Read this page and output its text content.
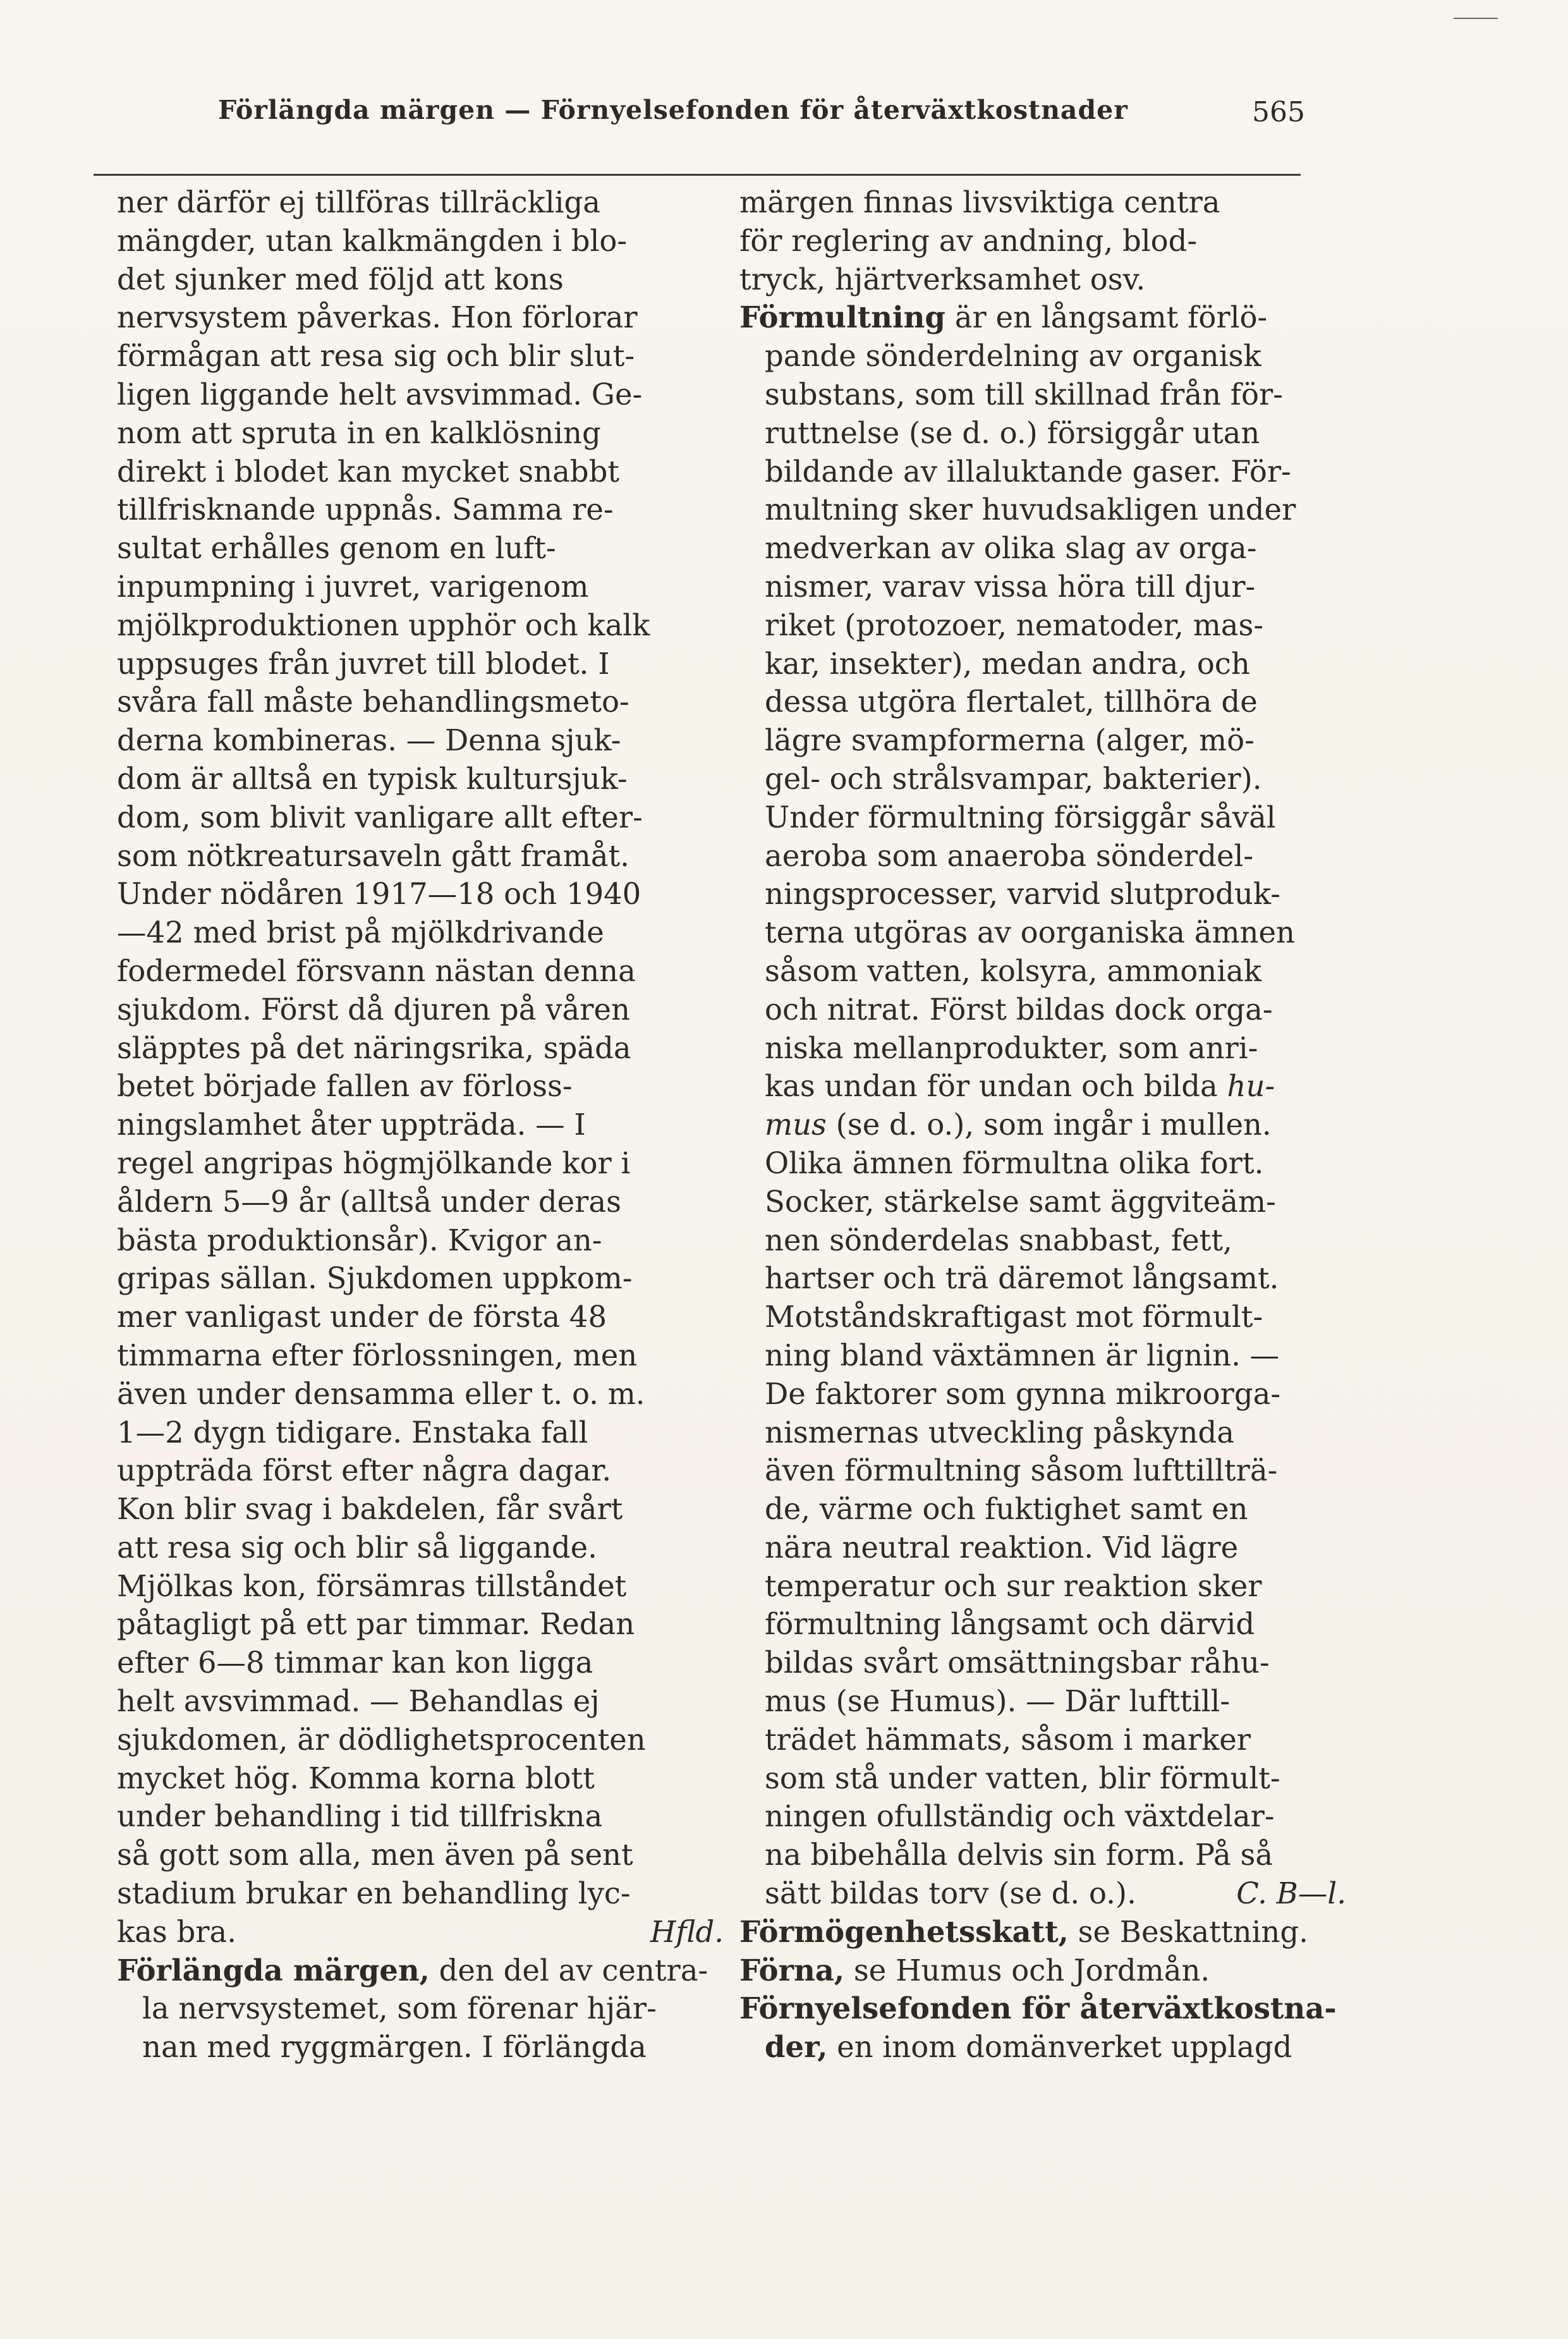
Förlängda märgen — Förnyelsefonden för återväxtkostnader	565
ner därför ej tillföras tillräckliga
mängder, utan kalkmängden i blo-
det sjunker med följd att kons
nervsystem påverkas. Hon förlorar
förmågan att resa sig och blir slut-
ligen liggande helt avsvimmad. Ge-
nom att spruta in en kalklösning
direkt i blodet kan mycket snabbt
tillfrisknande uppnås. Samma re-
sultat erhålles genom en luft-
inpumpning i juvret, varigenom
mjölkproduktionen upphör och kalk
uppsuges från juvret till blodet. I
svåra fall måste behandlingsmeto-
derna kombineras. — Denna sjuk-
dom är alltså en typisk kultursjuk-
dom, som blivit vanligare allt efter-
som nötkreatursaveln gått framåt.
Under nödåren 1917—18 och 1940
—42 med brist på mjölkdrivande
fodermedel försvann nästan denna
sjukdom. Först då djuren på våren
släpptes på det näringsrika, späda
betet började fallen av förloss-
ningslamhet åter uppträda. — I
regel angripas högmjölkande kor i
åldern 5—9 år (alltså under deras
bästa produktionsår). Kvigor an-
gripas sällan. Sjukdomen uppkom-
mer vanligast under de första 48
timmarna efter förlossningen, men
även under densamma eller t. o. m.
1—2 dygn tidigare. Enstaka fall
uppträda först efter några dagar.
Kon blir svag i bakdelen, får svårt
att resa sig och blir så liggande.
Mjölkas kon, försämras tillståndet
påtagligt på ett par timmar. Redan
efter 6—8 timmar kan kon ligga
helt avsvimmad. — Behandlas ej
sjukdomen, är dödlighetsprocenten
mycket hög. Komma korna blott
under behandling i tid tillfriskna
så gott som alla, men även på sent
stadium brukar en behandling lyc-
kas bra.	Hfld.
Förlängda märgen, den del av centra-
la nervsystemet, som förenar hjär-
nan med ryggmärgen. I förlängda
märgen finnas livsviktiga centra
för reglering av andning, blod-
tryck, hjärtverksamhet osv.
Förmultning är en långsamt förlö-
pande sönderdelning av organisk
substans, som till skillnad från för-
ruttnelse (se d. o.) försiggår utan
bildande av illaluktande gaser. För-
multning sker huvudsakligen under
medverkan av olika slag av orga-
nismer, varav vissa höra till djur-
riket (protozoer, nematoder, mas-
kar, insekter), medan andra, och
dessa utgöra flertalet, tillhöra de
lägre svampformerna (alger, mö-
gel- och strålsvampar, bakterier).
Under förmultning försiggår såväl
aeroba som anaeroba sönderdel-
ningsprocesser, varvid slutproduk-
terna utgöras av oorganiska ämnen
såsom vatten, kolsyra, ammoniak
och nitrat. Först bildas dock orga-
niska mellanprodukter, som anri-
kas undan för undan och bilda hu-
mus (se d. o.), som ingår i mullen.
Olika ämnen förmultna olika fort.
Socker, stärkelse samt äggviteäm-
nen sönderdelas snabbast, fett,
hartser och trä däremot långsamt.
Motståndskraftigast mot förmult-
ning bland växtämnen är lignin. —
De faktorer som gynna mikroorga-
nismernas utveckling påskynda
även förmultning såsom lufttillträ-
de, värme och fuktighet samt en
nära neutral reaktion. Vid lägre
temperatur och sur reaktion sker
förmultning långsamt och därvid
bildas svårt omsättningsbar råhu-
mus (se Humus). — Där lufttill-
trädet hämmats, såsom i marker
som stå under vatten, blir förmult-
ningen ofullständig och växtdelar-
na bibehålla delvis sin form. På så
sätt bildas torv (se d. o.).	C. B—l.
Förmögenhetsskatt, se Beskattning.
Förna, se Humus och Jordmån.
Förnyelsefonden för återväxtkostna-
der, en inom domänverket upplagd
